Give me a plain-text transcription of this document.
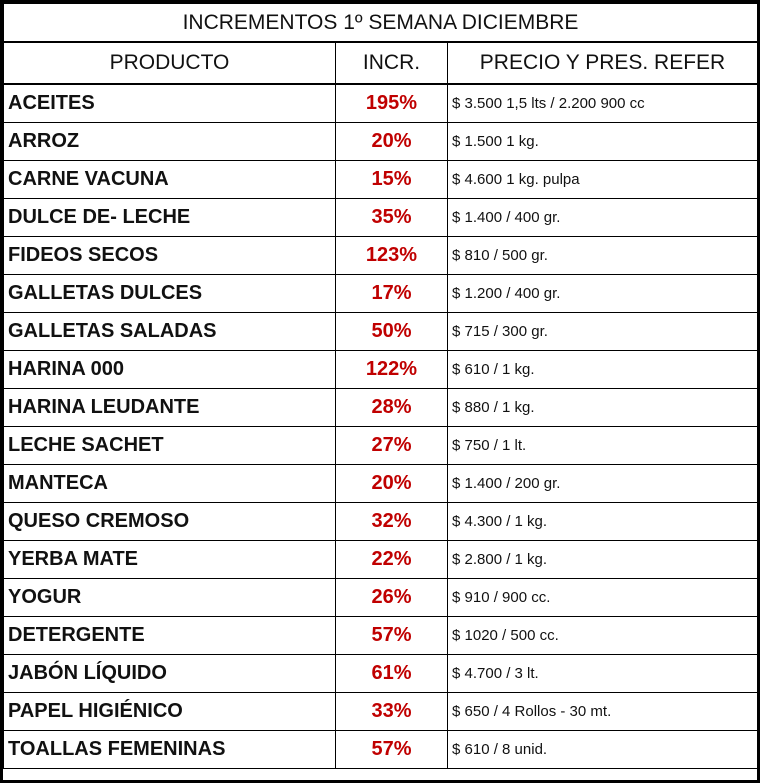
INCREMENTOS 1º SEMANA DICIEMBRE		
PRODUCTO	INCR.	PRECIO Y PRES. REFER
ACEITES	195%	$ 3.500 1,5 lts / 2.200 900 cc
ARROZ	20%	$ 1.500 1 kg.
CARNE VACUNA	15%	$ 4.600 1 kg. pulpa
DULCE DE- LECHE	35%	$ 1.400 / 400 gr.
FIDEOS SECOS	123%	$ 810 / 500 gr.
GALLETAS DULCES	17%	$ 1.200 / 400 gr.
GALLETAS SALADAS	50%	$ 715 / 300 gr.
HARINA 000	122%	$ 610 / 1 kg.
HARINA LEUDANTE	28%	$ 880 / 1 kg.
LECHE SACHET	27%	$ 750 / 1 lt.
MANTECA	20%	$ 1.400 / 200 gr.
QUESO CREMOSO	32%	$ 4.300 / 1 kg.
YERBA MATE	22%	$ 2.800 / 1 kg.
YOGUR	26%	$ 910 / 900 cc.
DETERGENTE	57%	$ 1020 / 500 cc.
JABÓN LÍQUIDO	61%	$ 4.700 / 3 lt.
PAPEL HIGIÉNICO	33%	$ 650 / 4 Rollos - 30 mt.
TOALLAS FEMENINAS	57%	$ 610 / 8 unid.
